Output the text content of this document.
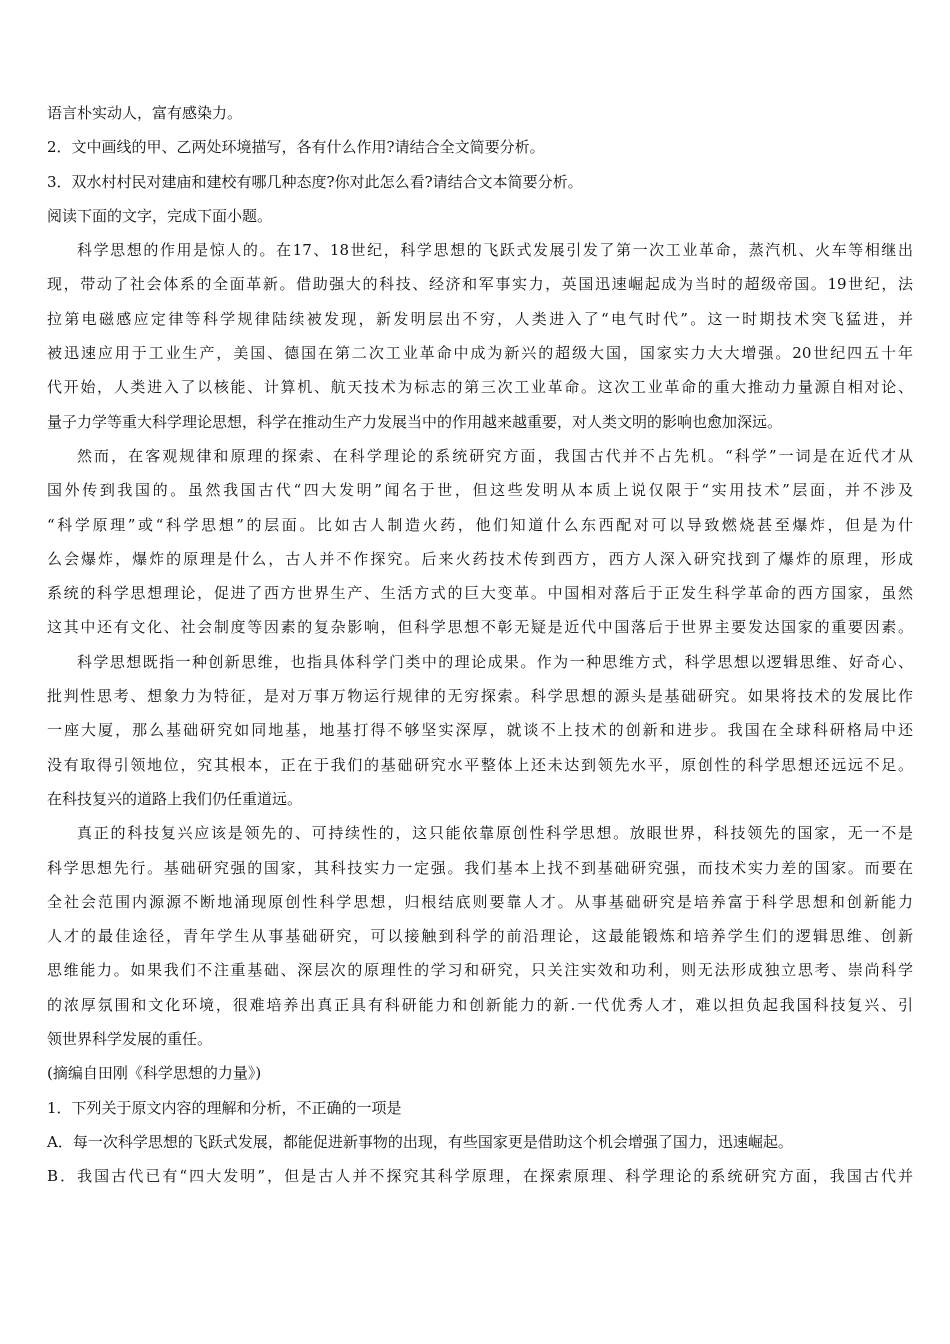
语言朴实动人，富有感染力。
2．文中画线的甲、乙两处环境描写，各有什么作用?请结合全文简要分析。
3．双水村村民对建庙和建校有哪几种态度?你对此怎么看?请结合文本简要分析。
阅读下面的文字，完成下面小题。
科学思想的作用是惊人的。在17、18世纪，科学思想的飞跃式发展引发了第一次工业革命，蒸汽机、火车等相继出
现，带动了社会体系的全面革新。借助强大的科技、经济和军事实力，英国迅速崛起成为当时的超级帝国。19世纪，法
拉第电磁感应定律等科学规律陆续被发现，新发明层出不穷，人类进入了“电气时代”。这一时期技术突飞猛进，并
被迅速应用于工业生产，美国、德国在第二次工业革命中成为新兴的超级大国，国家实力大大增强。20世纪四五十年
代开始，人类进入了以核能、计算机、航天技术为标志的第三次工业革命。这次工业革命的重大推动力量源自相对论、
量子力学等重大科学理论思想，科学在推动生产力发展当中的作用越来越重要，对人类文明的影响也愈加深远。
然而，在客观规律和原理的探索、在科学理论的系统研究方面，我国古代并不占先机。“科学”一词是在近代才从
国外传到我国的。虽然我国古代“四大发明”闻名于世，但这些发明从本质上说仅限于“实用技术”层面，并不涉及
“科学原理”或“科学思想”的层面。比如古人制造火药，他们知道什么东西配对可以导致燃烧甚至爆炸，但是为什
么会爆炸，爆炸的原理是什么，古人并不作探究。后来火药技术传到西方，西方人深入研究找到了爆炸的原理，形成
系统的科学思想理论，促进了西方世界生产、生活方式的巨大变革。中国相对落后于正发生科学革命的西方国家，虽然
这其中还有文化、社会制度等因素的复杂影响，但科学思想不彰无疑是近代中国落后于世界主要发达国家的重要因素。
科学思想既指一种创新思维，也指具体科学门类中的理论成果。作为一种思维方式，科学思想以逻辑思维、好奇心、
批判性思考、想象力为特征，是对万事万物运行规律的无穷探索。科学思想的源头是基础研究。如果将技术的发展比作
一座大厦，那么基础研究如同地基，地基打得不够坚实深厚，就谈不上技术的创新和进步。我国在全球科研格局中还
没有取得引领地位，究其根本，正在于我们的基础研究水平整体上还未达到领先水平，原创性的科学思想还远远不足。
在科技复兴的道路上我们仍任重道远。
真正的科技复兴应该是领先的、可持续性的，这只能依靠原创性科学思想。放眼世界，科技领先的国家，无一不是
科学思想先行。基础研究强的国家，其科技实力一定强。我们基本上找不到基础研究强，而技术实力差的国家。而要在
全社会范围内源源不断地涌现原创性科学思想，归根结底则要靠人才。从事基础研究是培养富于科学思想和创新能力
人才的最佳途径，青年学生从事基础研究，可以接触到科学的前沿理论，这最能锻炼和培养学生们的逻辑思维、创新
思维能力。如果我们不注重基础、深层次的原理性的学习和研究，只关注实效和功利，则无法形成独立思考、崇尚科学
的浓厚氛围和文化环境，很难培养出真正具有科研能力和创新能力的新.一代优秀人才，难以担负起我国科技复兴、引
领世界科学发展的重任。
(摘编自田刚《科学思想的力量》)
1．下列关于原文内容的理解和分析，不正确的一项是
A．每一次科学思想的飞跃式发展，都能促进新事物的出现，有些国家更是借助这个机会增强了国力，迅速崛起。
B．我国古代已有“四大发明”，但是古人并不探究其科学原理，在探索原理、科学理论的系统研究方面，我国古代并
